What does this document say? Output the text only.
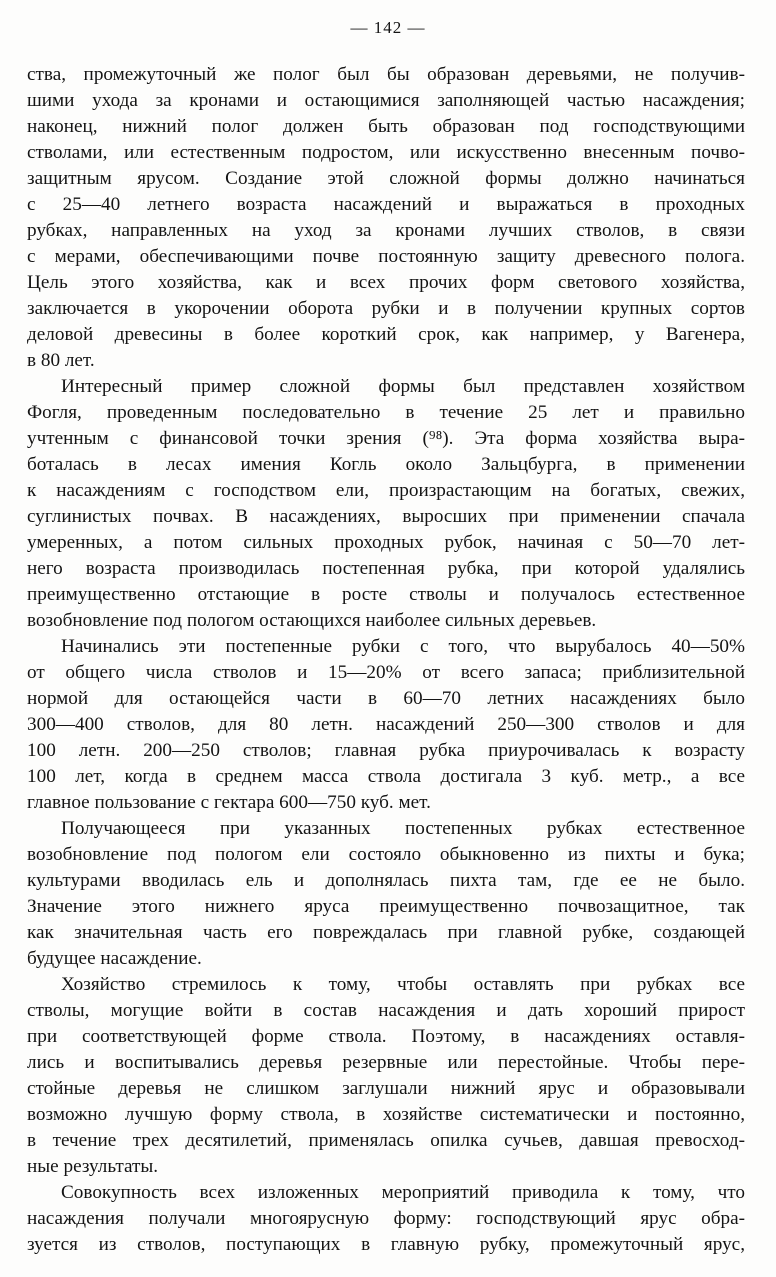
— 142 —
ства, промежуточный же полог был бы образован деревьями, не получив-
шими ухода за кронами и остающимися заполняющей частью насаждения;
наконец, нижний полог должен быть образован под господствующими
стволами, или естественным подростом, или искусственно внесенным почво-
защитным ярусом. Создание этой сложной формы должно начинаться
с 25—40 летнего возраста насаждений и выражаться в проходных
рубках, направленных на уход за кронами лучших стволов, в связи
с мерами, обеспечивающими почве постоянную защиту древесного полога.
Цель этого хозяйства, как и всех прочих форм светового хозяйства,
заключается в укорочении оборота рубки и в получении крупных сортов
деловой древесины в более короткий срок, как например, у Вагенера,
в 80 лет.
Интересный пример сложной формы был представлен хозяйством
Фогля, проведенным последовательно в течение 25 лет и правильно
учтенным с финансовой точки зрения (⁹⁸). Эта форма хозяйства выра-
боталась в лесах имения Когль около Зальцбурга, в применении
к насаждениям с господством ели, произрастающим на богатых, свежих,
суглинистых почвах. В насаждениях, выросших при применении спачала
умеренных, а потом сильных проходных рубок, начиная с 50—70 лет-
него возраста производилась постепенная рубка, при которой удалялись
преимущественно отстающие в росте стволы и получалось естественное
возобновление под пологом остающихся наиболее сильных деревьев.
Начинались эти постепенные рубки с того, что вырубалось 40—50%
от общего числа стволов и 15—20% от всего запаса; приблизительной
нормой для остающейся части в 60—70 летних насаждениях было
300—400 стволов, для 80 летн. насаждений 250—300 стволов и для
100 летн. 200—250 стволов; главная рубка приурочивалась к возрасту
100 лет, когда в среднем масса ствола достигала 3 куб. метр., а все
главное пользование с гектара 600—750 куб. мет.
Получающееся при указанных постепенных рубках естественное
возобновление под пологом ели состояло обыкновенно из пихты и бука;
культурами вводилась ель и дополнялась пихта там, где ее не было.
Значение этого нижнего яруса преимущественно почвозащитное, так
как значительная часть его повреждалась при главной рубке, создающей
будущее насаждение.
Хозяйство стремилось к тому, чтобы оставлять при рубках все
стволы, могущие войти в состав насаждения и дать хороший прирост
при соответствующей форме ствола. Поэтому, в насаждениях оставля-
лись и воспитывались деревья резервные или перестойные. Чтобы пере-
стойные деревья не слишком заглушали нижний ярус и образовывали
возможно лучшую форму ствола, в хозяйстве систематически и постоянно,
в течение трех десятилетий, применялась опилка сучьев, давшая превосход-
ные результаты.
Совокупность всех изложенных мероприятий приводила к тому, что
насаждения получали многоярусную форму: господствующий ярус обра-
зуется из стволов, поступающих в главную рубку, промежуточный ярус,
